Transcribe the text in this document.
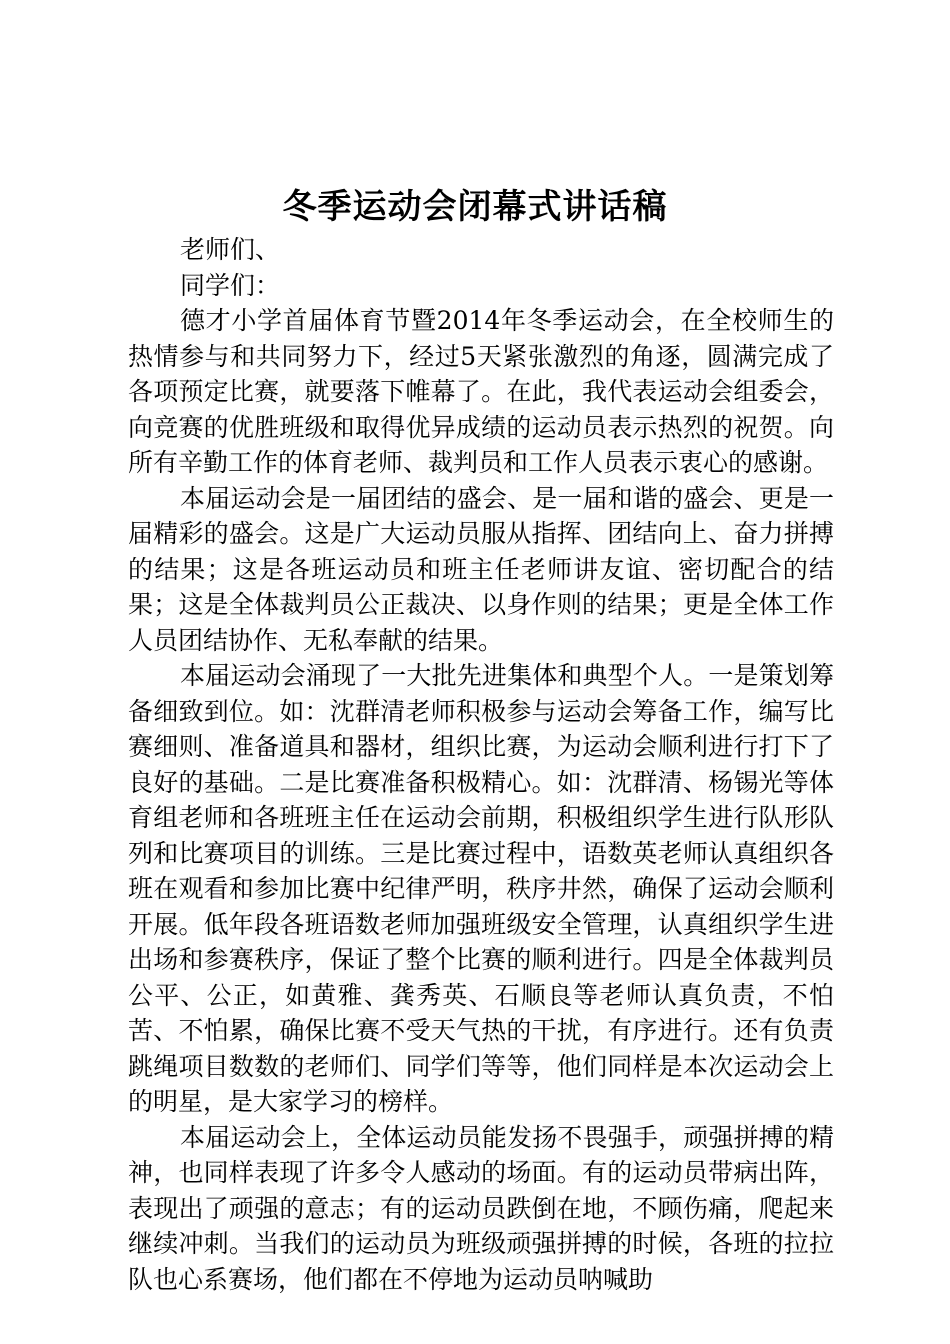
冬季运动会闭幕式讲话稿

老师们、

同学们：

德才小学首届体育节暨2014年冬季运动会，在全校师生的热情参与和共同努力下，经过5天紧张激烈的角逐，圆满完成了各项预定比赛，就要落下帷幕了。在此，我代表运动会组委会，向竞赛的优胜班级和取得优异成绩的运动员表示热烈的祝贺。向所有辛勤工作的体育老师、裁判员和工作人员表示衷心的感谢。

本届运动会是一届团结的盛会、是一届和谐的盛会、更是一届精彩的盛会。这是广大运动员服从指挥、团结向上、奋力拼搏的结果；这是各班运动员和班主任老师讲友谊、密切配合的结果；这是全体裁判员公正裁决、以身作则的结果；更是全体工作人员团结协作、无私奉献的结果。

本届运动会涌现了一大批先进集体和典型个人。一是策划筹备细致到位。如：沈群清老师积极参与运动会筹备工作，编写比赛细则、准备道具和器材，组织比赛，为运动会顺利进行打下了良好的基础。二是比赛准备积极精心。如：沈群清、杨锡光等体育组老师和各班班主任在运动会前期，积极组织学生进行队形队列和比赛项目的训练。三是比赛过程中，语数英老师认真组织各班在观看和参加比赛中纪律严明，秩序井然，确保了运动会顺利开展。低年段各班语数老师加强班级安全管理，认真组织学生进出场和参赛秩序，保证了整个比赛的顺利进行。四是全体裁判员公平、公正，如黄雅、龚秀英、石顺良等老师认真负责，不怕苦、不怕累，确保比赛不受天气热的干扰，有序进行。还有负责跳绳项目数数的老师们、同学们等等，他们同样是本次运动会上的明星，是大家学习的榜样。

本届运动会上，全体运动员能发扬不畏强手，顽强拼搏的精神，也同样表现了许多令人感动的场面。有的运动员带病出阵，表现出了顽强的意志；有的运动员跌倒在地，不顾伤痛，爬起来继续冲刺。当我们的运动员为班级顽强拼搏的时候，各班的拉拉队也心系赛场，他们都在不停地为运动员呐喊助
